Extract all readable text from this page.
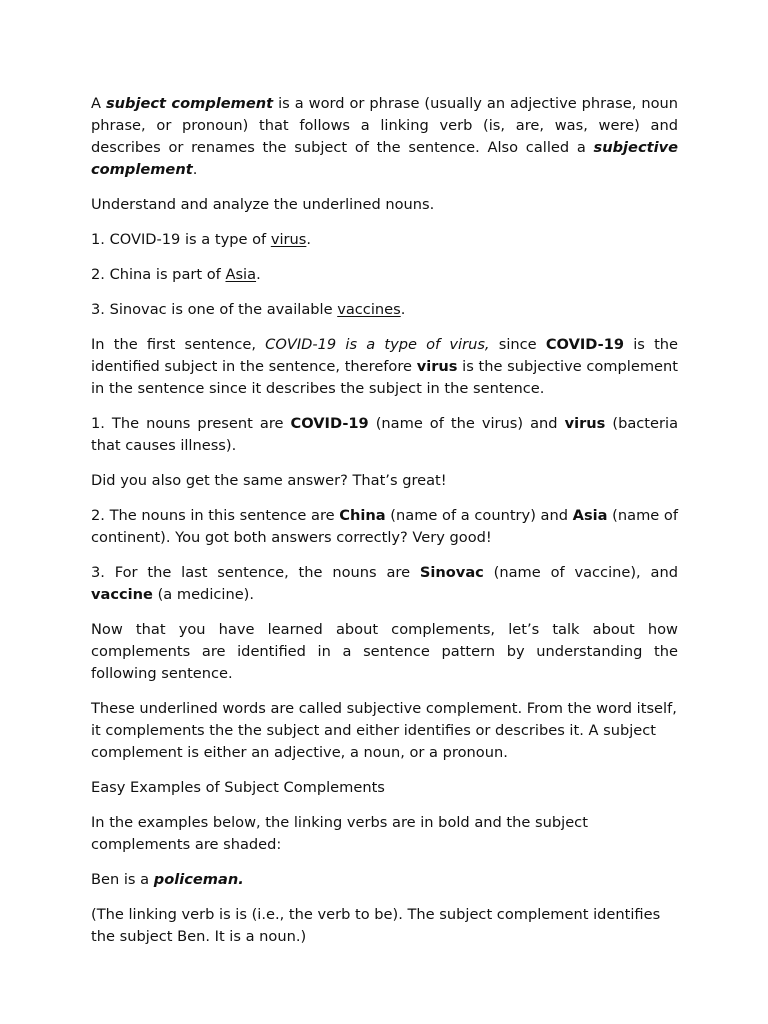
A subject complement is a word or phrase (usually an adjective phrase, noun phrase, or pronoun) that follows a linking verb (is, are, was, were) and describes or renames the subject of the sentence. Also called a subjective complement.

Understand and analyze the underlined nouns.

1. COVID-19 is a type of virus.

2. China is part of Asia.

3. Sinovac is one of the available vaccines.

In the first sentence, COVID-19 is a type of virus, since COVID-19 is the identified subject in the sentence, therefore virus is the subjective complement in the sentence since it describes the subject in the sentence.

1. The nouns present are COVID-19 (name of the virus) and virus (bacteria that causes illness).

Did you also get the same answer? That’s great!

2. The nouns in this sentence are China (name of a country) and Asia (name of continent). You got both answers correctly? Very good!

3. For the last sentence, the nouns are Sinovac (name of vaccine), and vaccine (a medicine).

Now that you have learned about complements, let’s talk about how complements are identified in a sentence pattern by understanding the following sentence.

These underlined words are called subjective complement. From the word itself, it complements the the subject and either identifies or describes it. A subject complement is either an adjective, a noun, or a pronoun.

Easy Examples of Subject Complements

In the examples below, the linking verbs are in bold and the subject complements are shaded:

Ben is a policeman.

(The linking verb is is (i.e., the verb to be). The subject complement identifies the subject Ben. It is a noun.)
